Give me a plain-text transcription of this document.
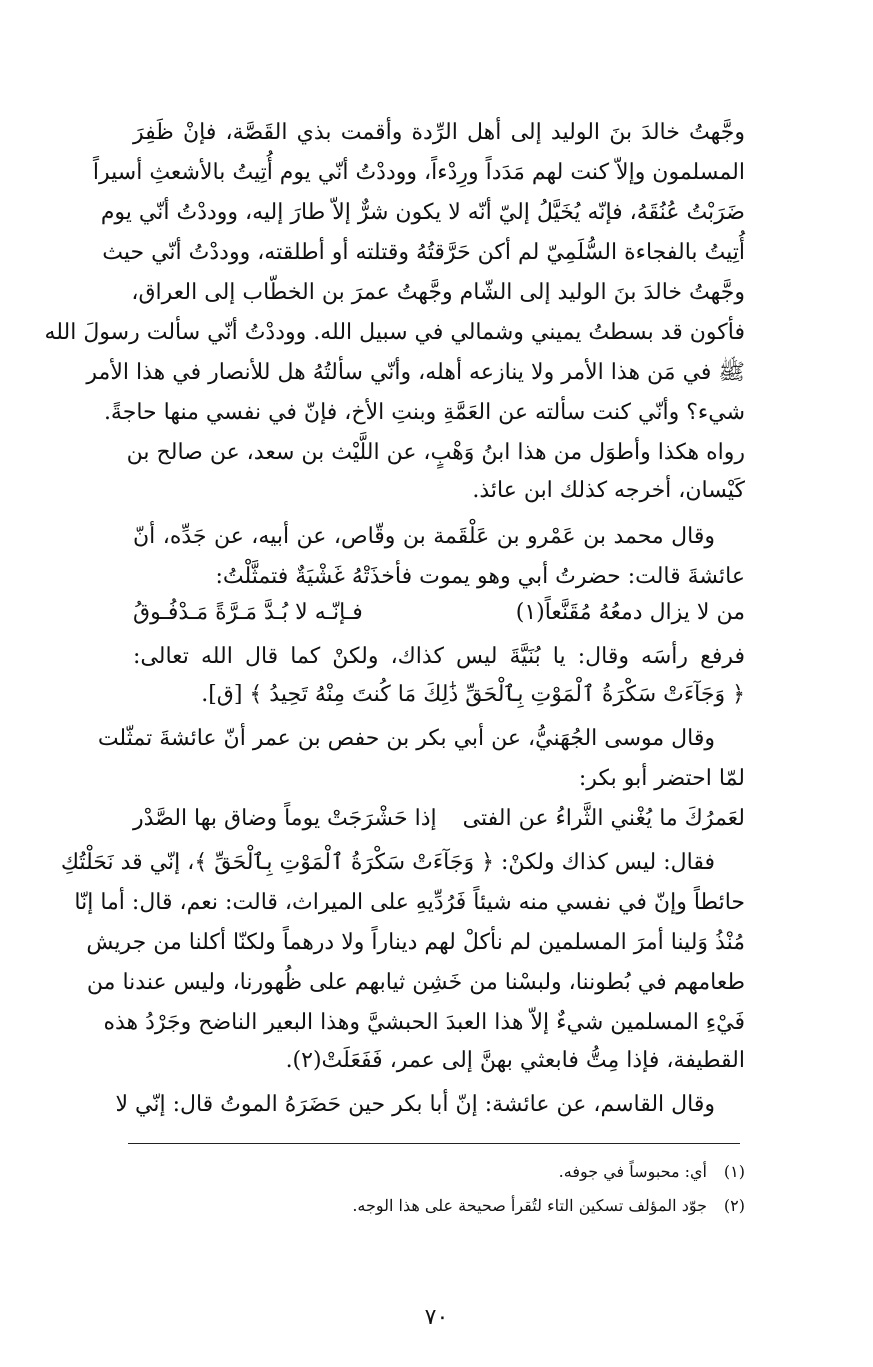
وجَّهتُ خالدَ بنَ الوليد إلى أهل الرِّدة وأقمت بذي القَصَّة، فإنْ ظَفِرَ
المسلمون وإلاّ كنت لهم مَدَداً ورِدْءاً، ووددْتُ أنّي يوم أُتِيتُ بالأشعثِ أسيراً
ضَرَبْتُ عُنُقَهُ، فإنّه يُخَيَّلُ إليّ أنّه لا يكون شرٌّ إلاّ طارَ إليه، ووددْتُ أنّي يوم
أُتِيتُ بالفجاءة السُّلَمِيّ لم أكن حَرَّقتُهُ وقتلته أو أطلقته، ووددْتُ أنّي حيث
وجَّهتُ خالدَ بنَ الوليد إلى الشّام وجَّهتُ عمرَ بن الخطّاب إلى العراق،
فأكون قد بسطتُ يميني وشمالي في سبيل الله. ووددْتُ أنّي سألت رسولَ الله
ﷺ في مَن هذا الأمر ولا ينازعه أهله، وأنّي سألتُهُ هل للأنصار في هذا الأمر
شيء؟ وأنّي كنت سألته عن العَمَّةِ وبنتِ الأخ، فإنّ في نفسي منها حاجةً.
رواه هكذا وأطوَل من هذا ابنُ وَهْبٍ، عن اللَّيْث بن سعد، عن صالح بن
كَيْسان، أخرجه كذلك ابن عائذ.
وقال محمد بن عَمْرو بن عَلْقَمة بن وقّاص، عن أبيه، عن جَدِّه، أنّ
عائشةَ قالت: حضرتُ أبي وهو يموت فأخذَتْهُ غَشْيَةٌ فتمثَّلْتُ:
من لا يزال دمعُهُ مُقَنَّعاً(١)
فـإنّـه لا بُـدَّ مَـرَّةً مَـدْفُـوقُ
فرفع رأسَه وقال: يا بُنَيَّةَ ليس كذاك، ولكنْ كما قال الله تعالى:
﴿ وَجَآءَتْ سَكْرَةُ ٱلْمَوْتِ بِٱلْحَقِّ ذَٰلِكَ مَا كُنتَ مِنْهُ تَحِيدُ ﴾ [ق].
وقال موسى الجُهَنيُّ، عن أبي بكر بن حفص بن عمر أنّ عائشةَ تمثّلت
لمّا احتضر أبو بكر:
لعَمرُكَ ما يُغْني الثَّراءُ عن الفتى
إذا حَشْرَجَتْ يوماً وضاق بها الصَّدْر
فقال: ليس كذاك ولكنْ: ﴿ وَجَآءَتْ سَكْرَةُ ٱلْمَوْتِ بِٱلْحَقِّ ﴾، إنّي قد نَحَلْتُكِ
حائطاً وإنّ في نفسي منه شيئاً فَرُدِّيهِ على الميراث، قالت: نعم، قال: أما إنّا
مُنْذُ وَلينا أمرَ المسلمين لم نأكلْ لهم ديناراً ولا درهماً ولكنّا أكلنا من جريش
طعامهم في بُطوننا، ولبسْنا من خَشِن ثيابهم على ظُهورنا، وليس عندنا من
فَيْءِ المسلمين شيءٌ إلاّ هذا العبدَ الحبشيَّ وهذا البعير الناضح وجَرْدُ هذه
القطيفة، فإذا مِتُّ فابعثي بهنَّ إلى عمر، فَفَعَلَتْ(٢).
وقال القاسم، عن عائشة: إنّ أبا بكر حين حَضَرَهُ الموتُ قال: إنّي لا
(١)أي: محبوساً في جوفه.
(٢)جوّد المؤلف تسكين التاء لتُقرأ صحيحة على هذا الوجه.
٧٠
